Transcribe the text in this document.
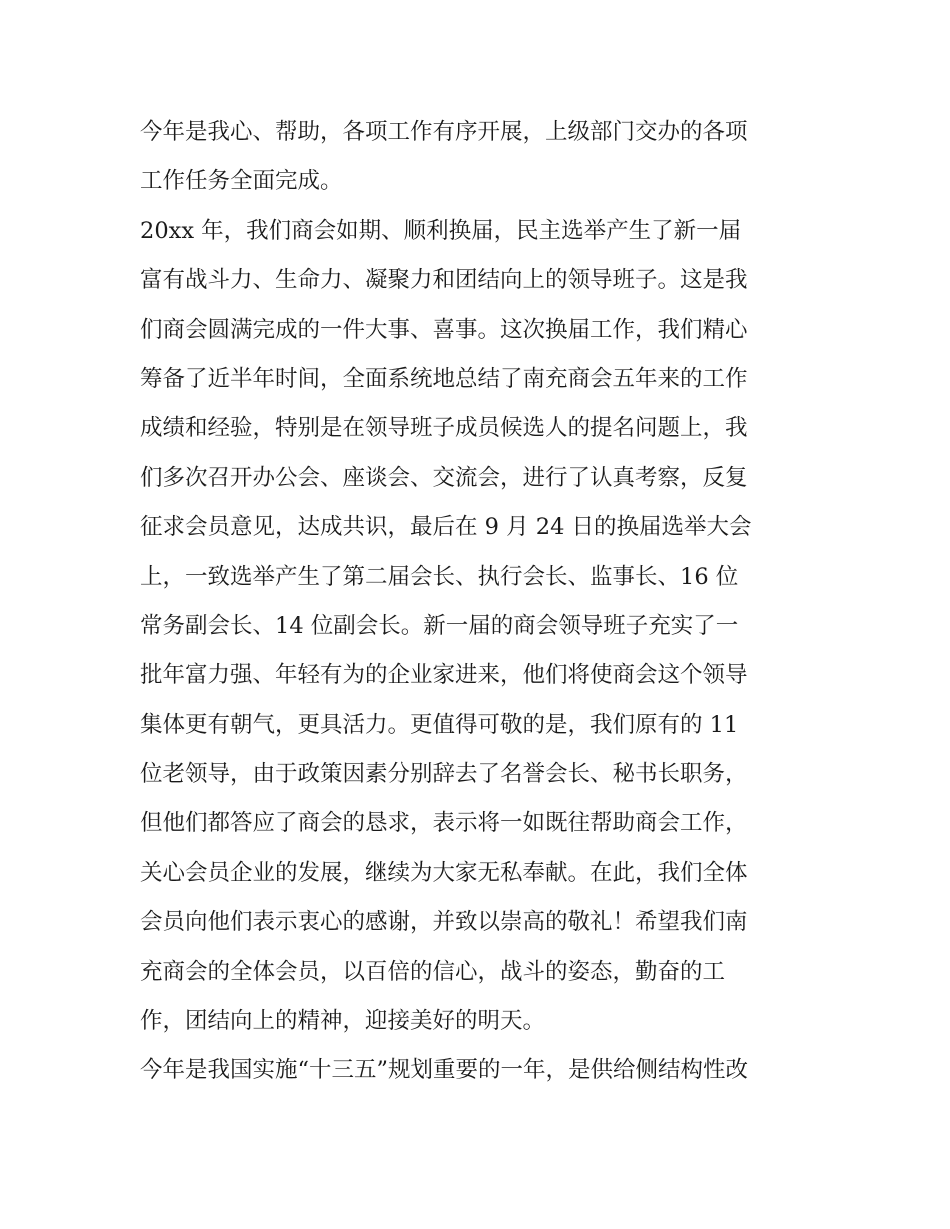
今年是我心、帮助，各项工作有序开展，上级部门交办的各项
工作任务全面完成。
20xx 年，我们商会如期、顺利换届，民主选举产生了新一届
富有战斗力、生命力、凝聚力和团结向上的领导班子。这是我
们商会圆满完成的一件大事、喜事。这次换届工作，我们精心
筹备了近半年时间，全面系统地总结了南充商会五年来的工作
成绩和经验，特别是在领导班子成员候选人的提名问题上，我
们多次召开办公会、座谈会、交流会，进行了认真考察，反复
征求会员意见，达成共识，最后在 9 月 24 日的换届选举大会
上，一致选举产生了第二届会长、执行会长、监事长、16 位
常务副会长、14 位副会长。新一届的商会领导班子充实了一
批年富力强、年轻有为的企业家进来，他们将使商会这个领导
集体更有朝气，更具活力。更值得可敬的是，我们原有的 11
位老领导，由于政策因素分别辞去了名誉会长、秘书长职务，
但他们都答应了商会的恳求，表示将一如既往帮助商会工作，
关心会员企业的发展，继续为大家无私奉献。在此，我们全体
会员向他们表示衷心的感谢，并致以崇高的敬礼！希望我们南
充商会的全体会员，以百倍的信心，战斗的姿态，勤奋的工
作，团结向上的精神，迎接美好的明天。
今年是我国实施“十三五”规划重要的一年，是供给侧结构性改
